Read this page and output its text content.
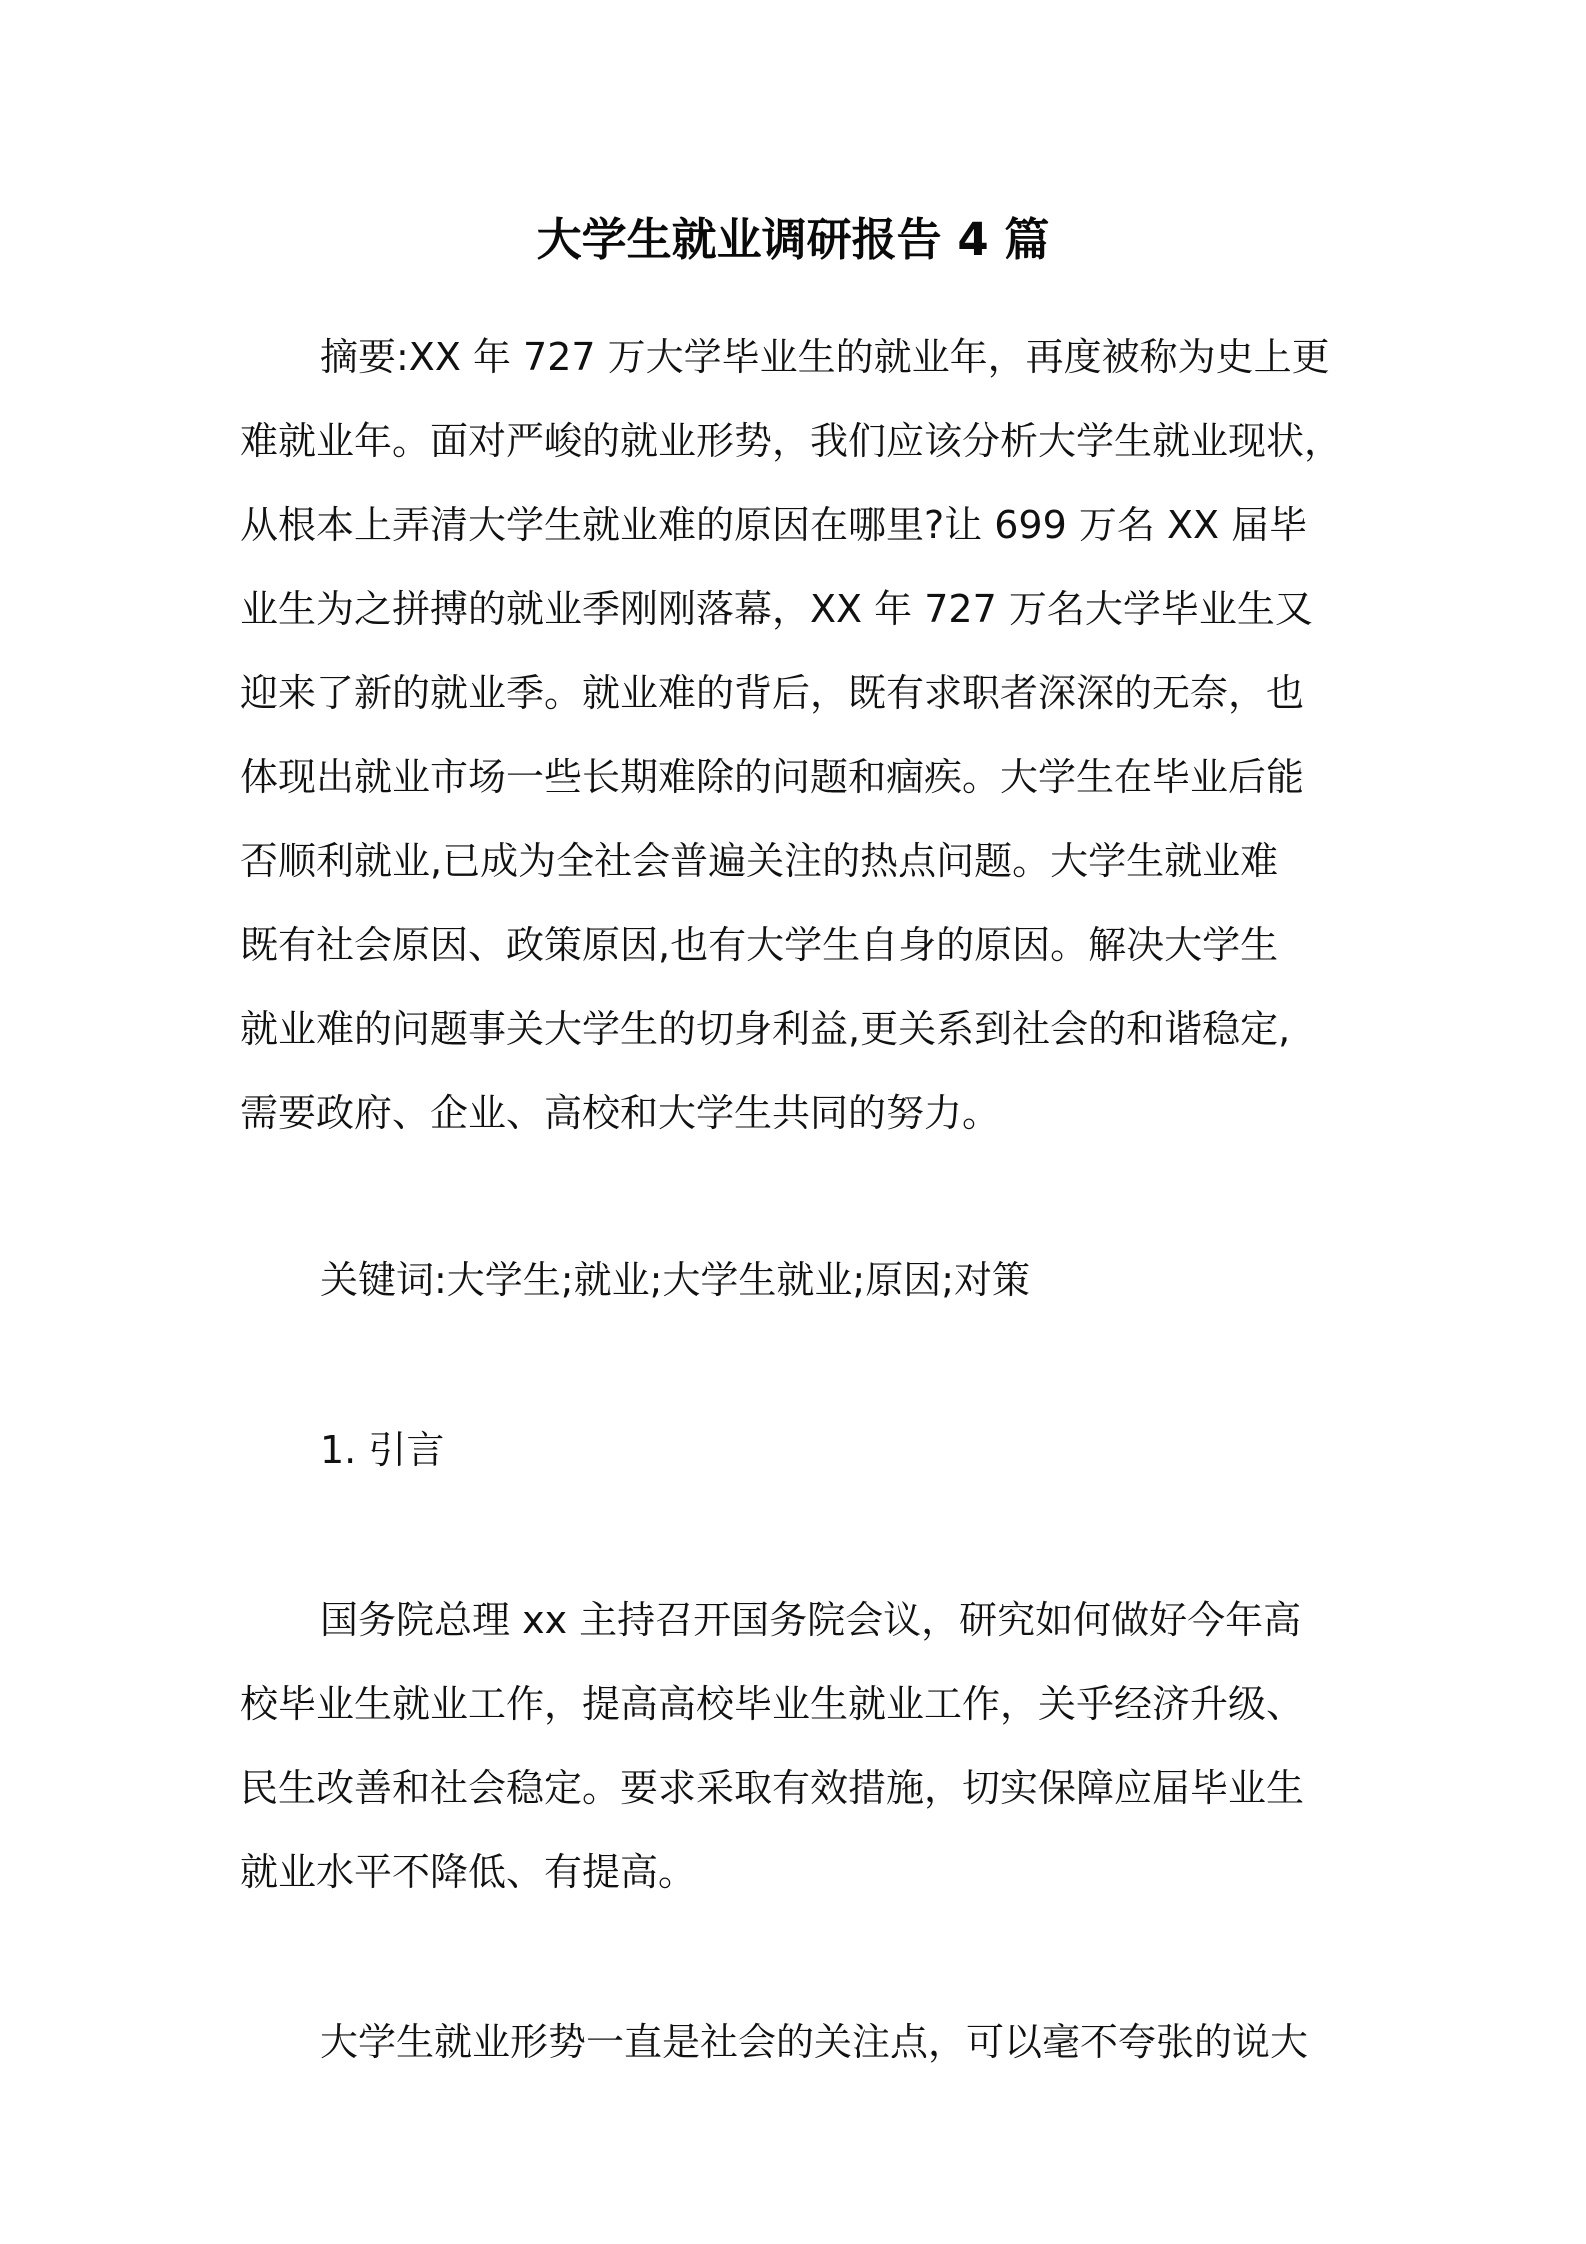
大学生就业调研报告 4 篇
摘要:XX 年 727 万大学毕业生的就业年，再度被称为史上更
难就业年。面对严峻的就业形势，我们应该分析大学生就业现状，
从根本上弄清大学生就业难的原因在哪里?让 699 万名 XX 届毕
业生为之拼搏的就业季刚刚落幕，XX 年 727 万名大学毕业生又
迎来了新的就业季。就业难的背后，既有求职者深深的无奈，也
体现出就业市场一些长期难除的问题和痼疾。大学生在毕业后能
否顺利就业,已成为全社会普遍关注的热点问题。大学生就业难
既有社会原因、政策原因,也有大学生自身的原因。解决大学生
就业难的问题事关大学生的切身利益,更关系到社会的和谐稳定,
需要政府、企业、高校和大学生共同的努力。
关键词:大学生;就业;大学生就业;原因;对策
1. 引言
国务院总理 xx 主持召开国务院会议，研究如何做好今年高
校毕业生就业工作，提高高校毕业生就业工作，关乎经济升级、
民生改善和社会稳定。要求采取有效措施，切实保障应届毕业生
就业水平不降低、有提高。
大学生就业形势一直是社会的关注点，可以毫不夸张的说大
